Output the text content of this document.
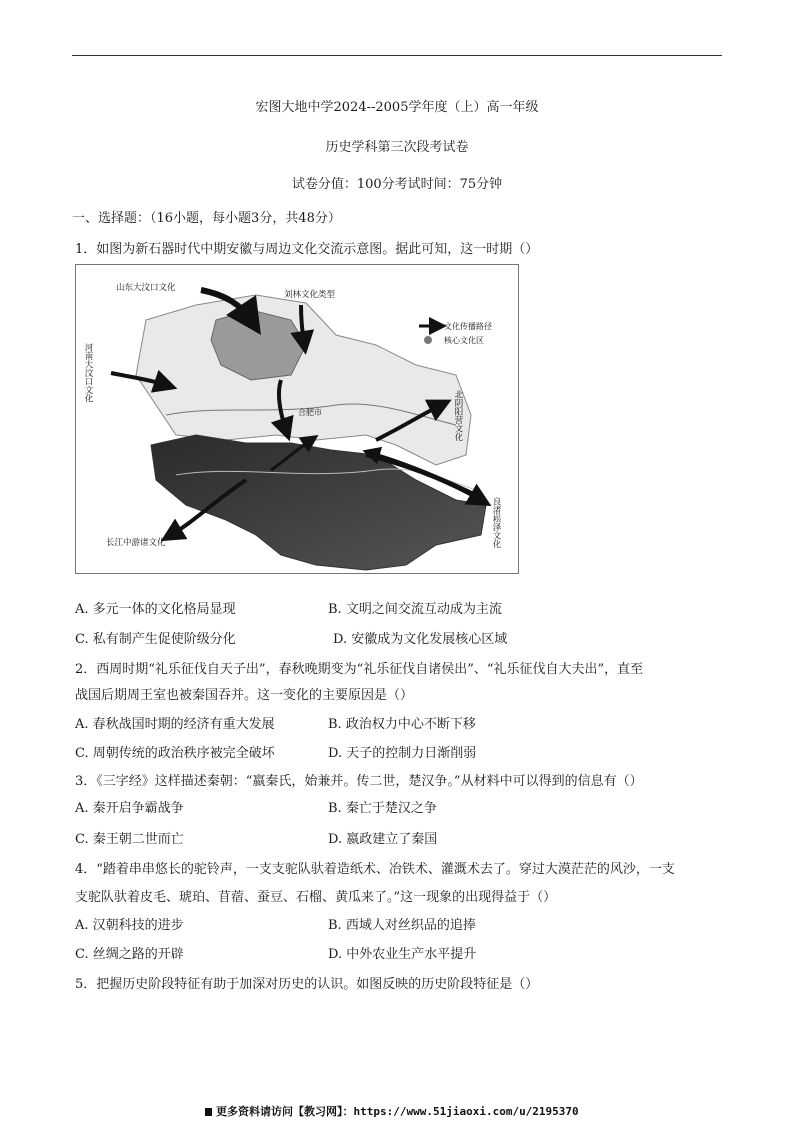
宏图大地中学2024--2005学年度（上）高一年级
历史学科第三次段考试卷
试卷分值：100分考试时间：75分钟
一、选择题：（16小题，每小题3分，共48分）
1．如图为新石器时代中期安徽与周边文化交流示意图。据此可知，这一时期（）
山东大汶口文化
刘林文化类型
合肥市
长江中游诸文化
河南大汶口文化
北阴阳营文化
良渚崧泽文化
文化传播路径
核心文化区
A. 多元一体的文化格局显现	B. 文明之间交流互动成为主流
C. 私有制产生促使阶级分化	D. 安徽成为文化发展核心区域
2．西周时期“礼乐征伐自天子出”，春秋晚期变为“礼乐征伐自诸侯出”、“礼乐征伐自大夫出”，直至
战国后期周王室也被秦国吞并。这一变化的主要原因是（）
A. 春秋战国时期的经济有重大发展	B. 政治权力中心不断下移
C. 周朝传统的政治秩序被完全破坏	D. 天子的控制力日渐削弱
3．《三字经》这样描述秦朝：“嬴秦氏，始兼并。传二世，楚汉争。”从材料中可以得到的信息有（）
A. 秦开启争霸战争	B. 秦亡于楚汉之争
C. 秦王朝二世而亡	D. 嬴政建立了秦国
4．“踏着串串悠长的驼铃声，一支支驼队驮着造纸术、冶铁术、灌溉术去了。穿过大漠茫茫的风沙，一支
支驼队驮着皮毛、琥珀、苜蓿、蚕豆、石榴、黄瓜来了。”这一现象的出现得益于（）
A. 汉朝科技的进步	B. 西域人对丝织品的追捧
C. 丝绸之路的开辟	D. 中外农业生产水平提升
5．把握历史阶段特征有助于加深对历史的认识。如图反映的历史阶段特征是（）
更多资料请访问【教习网】：https://www.51jiaoxi.com/u/2195370
